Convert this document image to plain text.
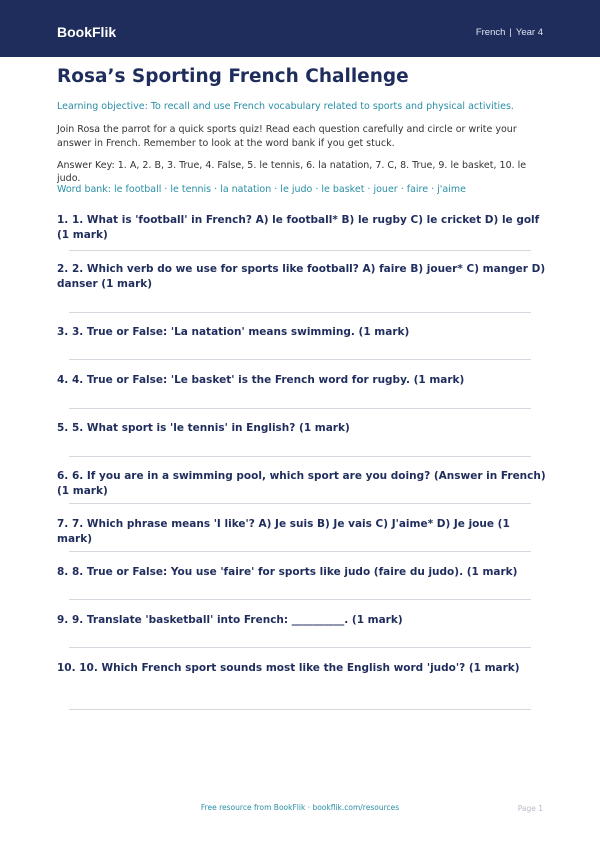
BookFlik	French | Year 4
Rosa’s Sporting French Challenge
Learning objective: To recall and use French vocabulary related to sports and physical activities.
Join Rosa the parrot for a quick sports quiz! Read each question carefully and circle or write your answer in French. Remember to look at the word bank if you get stuck.
Answer Key: 1. A, 2. B, 3. True, 4. False, 5. le tennis, 6. la natation, 7. C, 8. True, 9. le basket, 10. le judo.
Word bank: le football · le tennis · la natation · le judo · le basket · jouer · faire · j'aime

1. 1. What is 'football' in French? A) le football* B) le rugby C) le cricket D) le golf (1 mark)

2. 2. Which verb do we use for sports like football? A) faire B) jouer* C) manger D) danser (1 mark)

3. 3. True or False: 'La natation' means swimming. (1 mark)

4. 4. True or False: 'Le basket' is the French word for rugby. (1 mark)

5. 5. What sport is 'le tennis' in English? (1 mark)

6. 6. If you are in a swimming pool, which sport are you doing? (Answer in French) (1 mark)

7. 7. Which phrase means 'I like'? A) Je suis B) Je vais C) J'aime* D) Je joue (1 mark)

8. 8. True or False: You use 'faire' for sports like judo (faire du judo). (1 mark)

9. 9. Translate 'basketball' into French: __________. (1 mark)

10. 10. Which French sport sounds most like the English word 'judo'? (1 mark)

Free resource from BookFlik · bookflik.com/resources	Page 1
